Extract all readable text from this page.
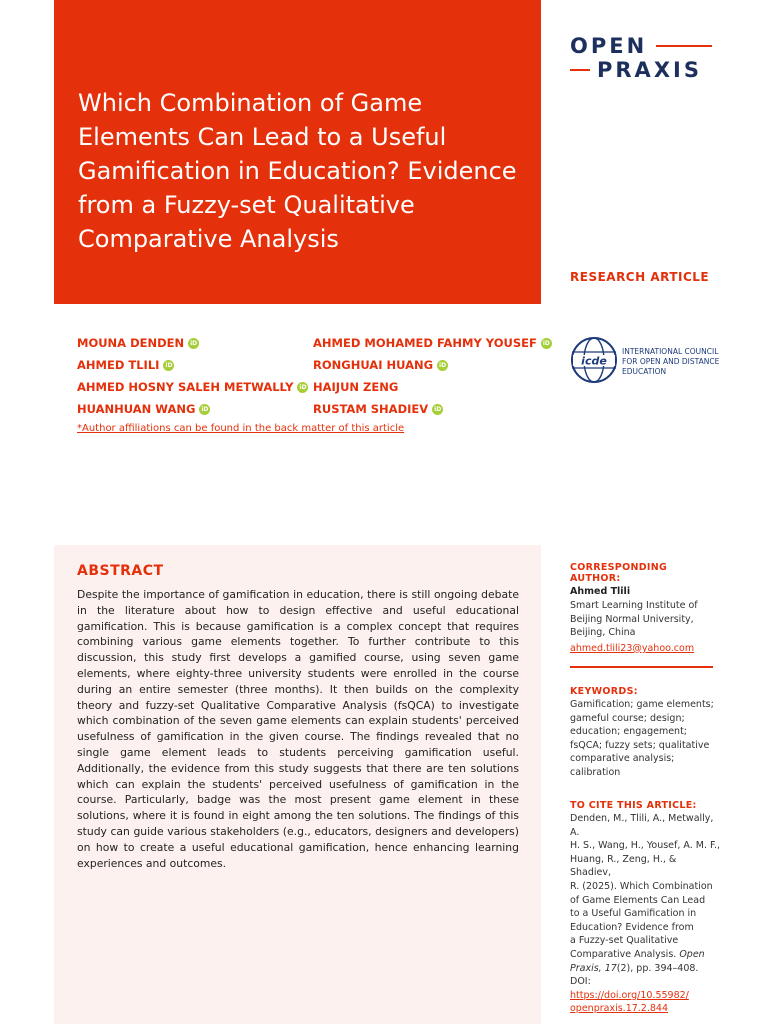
Which Combination of Game Elements Can Lead to a Useful Gamification in Education? Evidence from a Fuzzy-set Qualitative Comparative Analysis
OPEN
PRAXIS
RESEARCH ARTICLE
MOUNA DENDEN iD
AHMED TLILI iD
AHMED HOSNY SALEH METWALLY iD
HUANHUAN WANG iD
AHMED MOHAMED FAHMY YOUSEF iD
RONGHUAI HUANG iD
HAIJUN ZENG
RUSTAM SHADIEV iD
*Author affiliations can be found in the back matter of this article
icde
INTERNATIONAL COUNCIL FOR OPEN AND DISTANCE EDUCATION
ABSTRACT

Despite the importance of gamification in education, there is still ongoing debate in the literature about how to design effective and useful educational gamification. This is because gamification is a complex concept that requires combining various game elements together. To further contribute to this discussion, this study first develops a gamified course, using seven game elements, where eighty-three university students were enrolled in the course during an entire semester (three months). It then builds on the complexity theory and fuzzy-set Qualitative Comparative Analysis (fsQCA) to investigate which combination of the seven game elements can explain students' perceived usefulness of gamification in the given course. The findings revealed that no single game element leads to students perceiving gamification useful. Additionally, the evidence from this study suggests that there are ten solutions which can explain the students' perceived usefulness of gamification in the course. Particularly, badge was the most present game element in these solutions, where it is found in eight among the ten solutions. The findings of this study can guide various stakeholders (e.g., educators, designers and developers) on how to create a useful educational gamification, hence enhancing learning experiences and outcomes.

CORRESPONDING AUTHOR:
Ahmed Tlili
Smart Learning Institute of
Beijing Normal University,
Beijing, China
ahmed.tlili23@yahoo.com
KEYWORDS:
Gamification; game elements;
gameful course; design;
education; engagement;
fsQCA; fuzzy sets; qualitative
comparative analysis;
calibration
TO CITE THIS ARTICLE:
Denden, M., Tlili, A., Metwally, A.
H. S., Wang, H., Yousef, A. M. F.,
Huang, R., Zeng, H., & Shadiev,
R. (2025). Which Combination
of Game Elements Can Lead
to a Useful Gamification in
Education? Evidence from
a Fuzzy-set Qualitative
Comparative Analysis. Open
Praxis, 17(2), pp. 394–408. DOI:
https://doi.org/10.55982/
openpraxis.17.2.844
